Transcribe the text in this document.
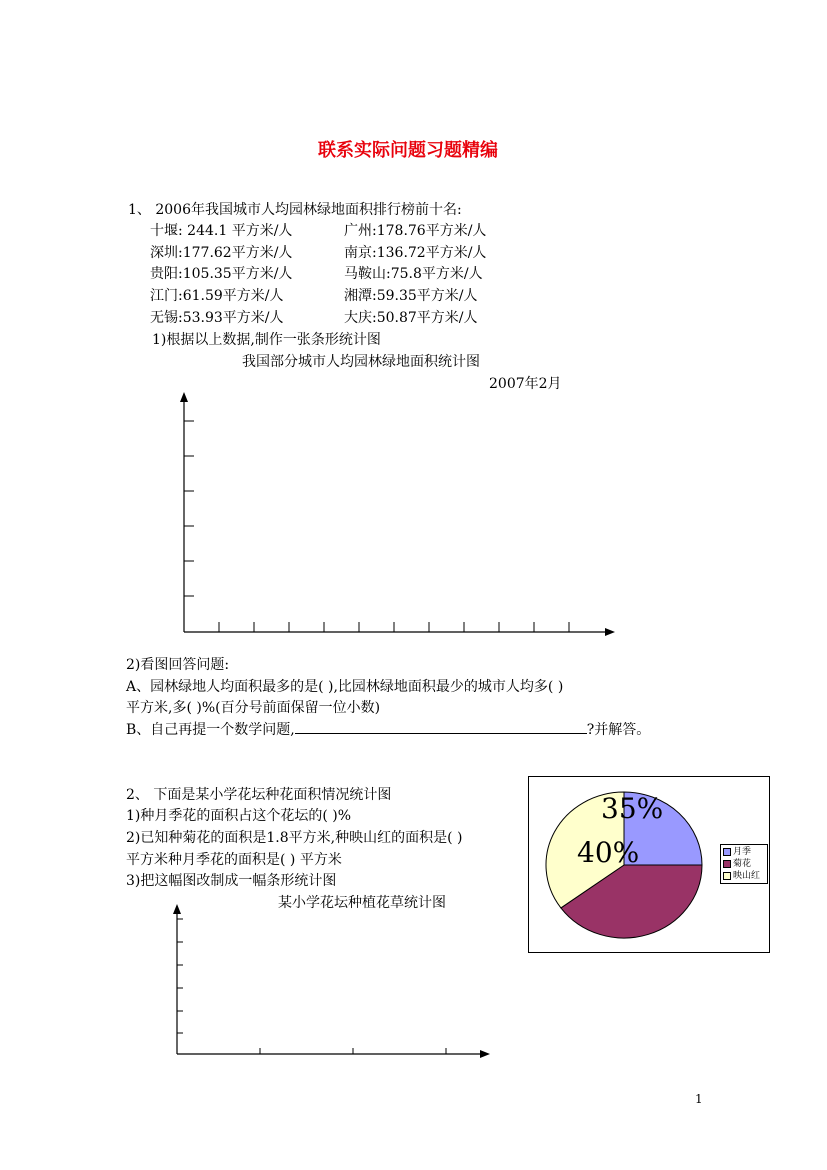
联系实际问题习题精编
1、 2006年我国城市人均园林绿地面积排行榜前十名:
十堰: 244.1 平方米/人	广州:178.76平方米/人
深圳:177.62平方米/人	南京:136.72平方米/人
贵阳:105.35平方米/人	马鞍山:75.8平方米/人
江门:61.59平方米/人	湘潭:59.35平方米/人
无锡:53.93平方米/人	大庆:50.87平方米/人
1)根据以上数据,制作一张条形统计图
我国部分城市人均园林绿地面积统计图
2007年2月
2)看图回答问题:
A、园林绿地人均面积最多的是( ),比园林绿地面积最少的城市人均多( )
平方米,多( )%(百分号前面保留一位小数)
B、自己再提一个数学问题,	?并解答。
2、 下面是某小学花坛种花面积情况统计图
1)种月季花的面积占这个花坛的( )%
2)已知种菊花的面积是1.8平方米,种映山红的面积是( )
平方米种月季花的面积是( ) 平方米
3)把这幅图改制成一幅条形统计图
某小学花坛种植花草统计图
35%
40%	月季
菊花
映山红
1
